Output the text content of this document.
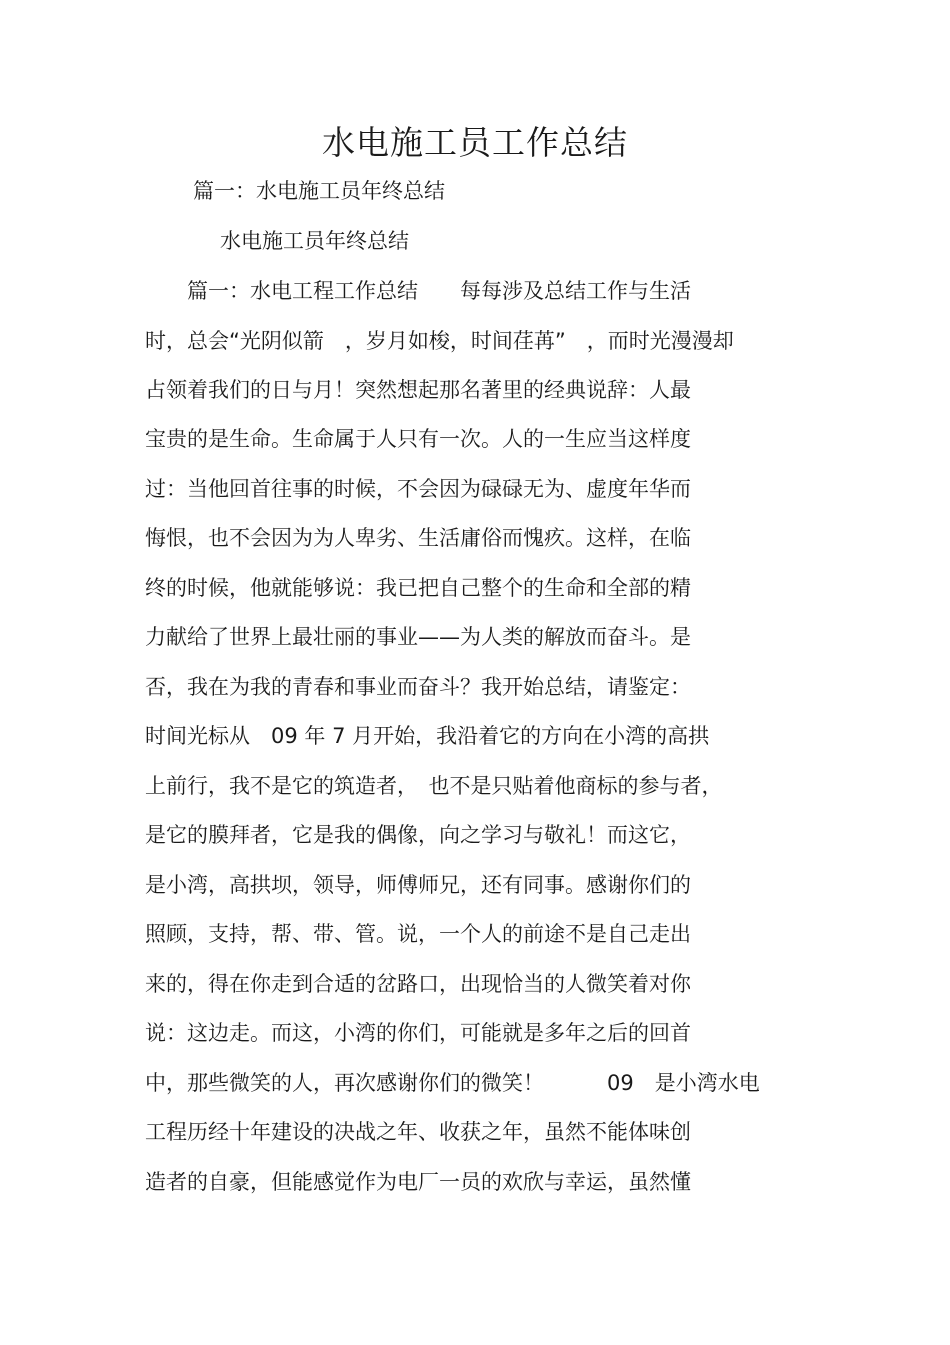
水电施工员工作总结
篇一：水电施工员年终总结
水电施工员年终总结
　　篇一：水电工程工作总结　　每每涉及总结工作与生活
时，总会“光阴似箭　，岁月如梭，时间荏苒”　，而时光漫漫却
占领着我们的日与月！突然想起那名著里的经典说辞：人最
宝贵的是生命。生命属于人只有一次。人的一生应当这样度
过：当他回首往事的时候，不会因为碌碌无为、虚度年华而
悔恨，也不会因为为人卑劣、生活庸俗而愧疚。这样，在临
终的时候，他就能够说：我已把自己整个的生命和全部的精
力献给了世界上最壮丽的事业——为人类的解放而奋斗。是
否，我在为我的青春和事业而奋斗？我开始总结，请鉴定：
时间光标从　09 年 7 月开始，我沿着它的方向在小湾的高拱
上前行，我不是它的筑造者，　也不是只贴着他商标的参与者，
是它的膜拜者，它是我的偶像，向之学习与敬礼！而这它，
是小湾，高拱坝，领导，师傅师兄，还有同事。感谢你们的
照顾，支持，帮、带、管。说，一个人的前途不是自己走出
来的，得在你走到合适的岔路口，出现恰当的人微笑着对你
说：这边走。而这，小湾的你们，可能就是多年之后的回首
中，那些微笑的人，再次感谢你们的微笑！　　　09　是小湾水电
工程历经十年建设的决战之年、收获之年，虽然不能体味创
造者的自豪，但能感觉作为电厂一员的欢欣与幸运，虽然懂
